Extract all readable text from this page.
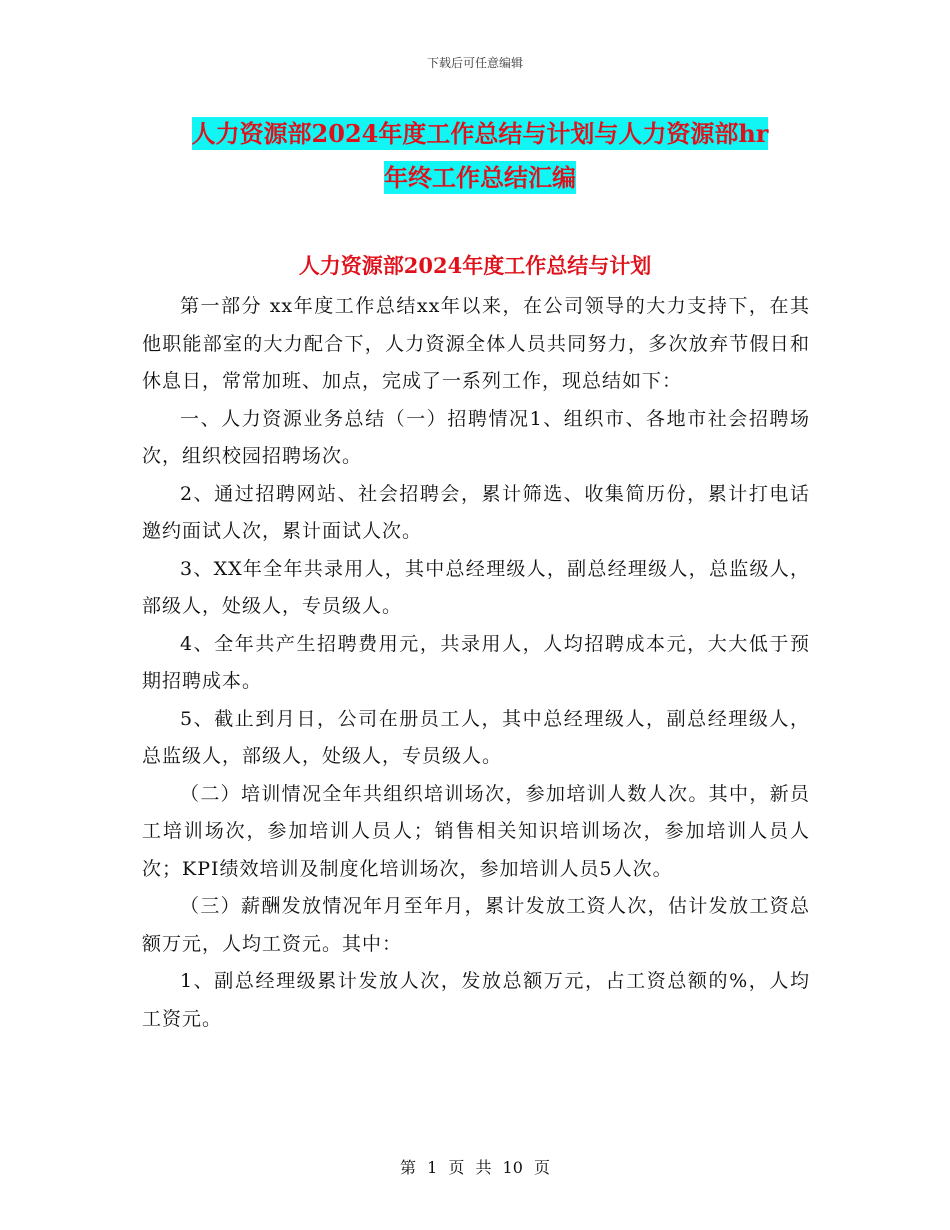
下载后可任意编辑
人力资源部2024年度工作总结与计划与人力资源部hr
年终工作总结汇编
人力资源部2024年度工作总结与计划

第一部分 xx年度工作总结xx年以来，在公司领导的大力支持下，在其他职能部室的大力配合下，人力资源全体人员共同努力，多次放弃节假日和休息日，常常加班、加点，完成了一系列工作，现总结如下：

一、人力资源业务总结（一）招聘情况1、组织市、各地市社会招聘场次，组织校园招聘场次。

2、通过招聘网站、社会招聘会，累计筛选、收集简历份，累计打电话邀约面试人次，累计面试人次。

3、XX年全年共录用人，其中总经理级人，副总经理级人，总监级人，部级人，处级人，专员级人。

4、全年共产生招聘费用元，共录用人，人均招聘成本元，大大低于预期招聘成本。

5、截止到月日，公司在册员工人，其中总经理级人，副总经理级人，总监级人，部级人，处级人，专员级人。

（二）培训情况全年共组织培训场次，参加培训人数人次。其中，新员工培训场次，参加培训人员人；销售相关知识培训场次，参加培训人员人次；KPI绩效培训及制度化培训场次，参加培训人员5人次。

（三）薪酬发放情况年月至年月，累计发放工资人次，估计发放工资总额万元，人均工资元。其中：

1、副总经理级累计发放人次，发放总额万元，占工资总额的%，人均工资元。

第 1 页 共 10 页
